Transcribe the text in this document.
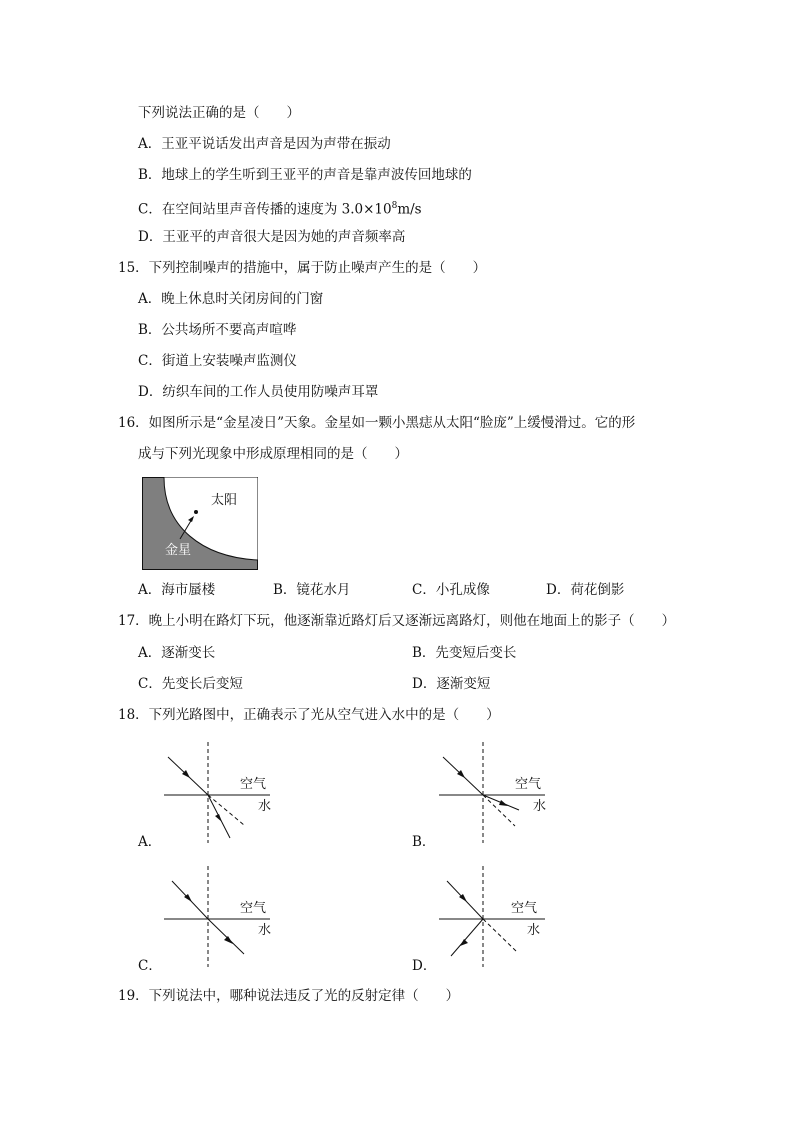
下列说法正确的是（　　）
A．王亚平说话发出声音是因为声带在振动
B．地球上的学生听到王亚平的声音是靠声波传回地球的
C．在空间站里声音传播的速度为 $3.0\times 10^8m/s$
D．王亚平的声音很大是因为她的声音频率高
15．下列控制噪声的措施中，属于防止噪声产生的是（　　）
A．晚上休息时关闭房间的门窗
B．公共场所不要高声喧哗
C．街道上安装噪声监测仪
D．纺织车间的工作人员使用防噪声耳罩
16．如图所示是“金星凌日”天象。金星如一颗小黑痣从太阳“脸庞”上缓慢滑过。它的形
成与下列光现象中形成原理相同的是（　　）
太阳
金星
A．海市蜃楼	B．镜花水月	C．小孔成像	D．荷花倒影
17．晚上小明在路灯下玩，他逐渐靠近路灯后又逐渐远离路灯，则他在地面上的影子（　　）
A．逐渐变长	B．先变短后变长
C．先变长后变短	D．逐渐变短
18．下列光路图中，正确表示了光从空气进入水中的是（　　）
空气
水
A．
空气
水
B．
空气
水
C．
空气
水
D．
19．下列说法中，哪种说法违反了光的反射定律（　　）
